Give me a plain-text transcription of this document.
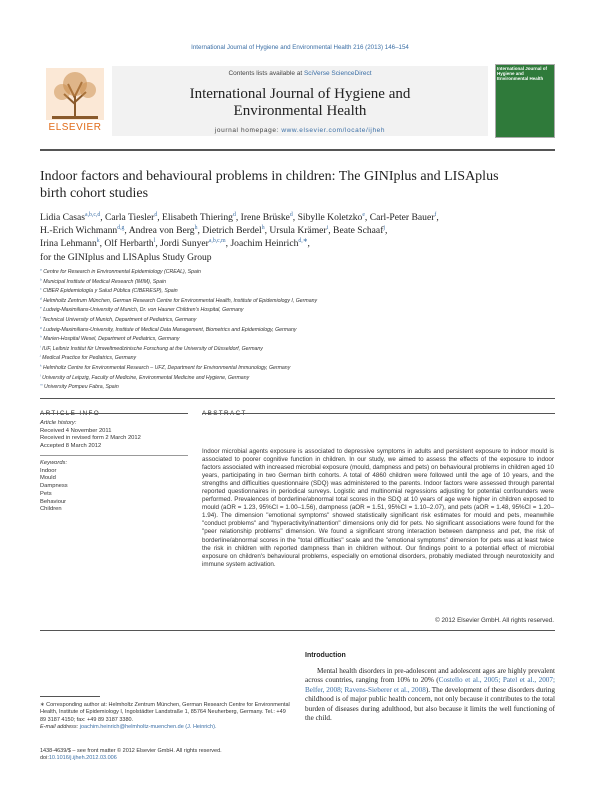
International Journal of Hygiene and Environmental Health 216 (2013) 146–154
Contents lists available at SciVerse ScienceDirect
International Journal of Hygiene and
Environmental Health
journal homepage: www.elsevier.com/locate/ijheh
ELSEVIER
International Journal of Hygiene and Environmental Health
Indoor factors and behavioural problems in children: The GINIplus and LISAplus
birth cohort studies
Lidia Casas$^{a,b,c,d}$, Carla Tiesler$^d$, Elisabeth Thiering$^d$, Irene Brüske$^d$, Sibylle Koletzko$^e$, Carl-Peter Bauer$^f$,
H.-Erich Wichmann$^{d,g}$, Andrea von Berg$^h$, Dietrich Berdel$^h$, Ursula Krämer$^i$, Beate Schaaf$^j$,
Irina Lehmann$^k$, Olf Herbarth$^l$, Jordi Sunyer$^{a,b,c,m}$, Joachim Heinrich$^{d,∗}$,
for the GINIplus and LISAplus Study Group
$^a$ Centre for Research in Environmental Epidemiology (CREAL), Spain
$^b$ Municipal Institute of Medical Research (IMIM), Spain
$^c$ CIBER Epidemiología y Salud Pública (CIBERESP), Spain
$^d$ Helmholtz Zentrum München, German Research Centre for Environmental Health, Institute of Epidemiology I, Germany
$^e$ Ludwig-Maximilians-University of Munich, Dr. von Hauner Children's Hospital, Germany
$^f$ Technical University of Munich, Department of Pediatrics, Germany
$^g$ Ludwig-Maximilians-University, Institute of Medical Data Management, Biometrics and Epidemiology, Germany
$^h$ Marien-Hospital Wesel, Department of Pediatrics, Germany
$^i$ IUF, Leibniz Institut für Umweltmedizinische Forschung at the University of Düsseldorf, Germany
$^j$ Medical Practice for Pediatrics, Germany
$^k$ Helmholtz Centre for Environmental Research – UFZ, Department for Environmental Immunology, Germany
$^l$ University of Leipzig, Faculty of Medicine, Environmental Medicine and Hygiene, Germany
$^m$ University Pompeu Fabra, Spain
Article history:
Received 4 November 2011
Received in revised form 2 March 2012
Accepted 8 March 2012
Keywords:
Indoor
Mould
Dampness
Pets
Behaviour
Children
Indoor microbial agents exposure is associated to depressive symptoms in adults and persistent exposure to indoor mould is associated to poorer cognitive function in children. In our study, we aimed to assess the effects of the exposure to indoor factors associated with increased microbial exposure (mould, dampness and pets) on behavioural problems in children aged 10 years, participating in two German birth cohorts. A total of 4860 children were followed until the age of 10 years, and the strengths and difficulties questionnaire (SDQ) was administered to the parents. Indoor factors were assessed through parental reported questionnaires in periodical surveys. Logistic and multinomial regressions adjusting for potential confounders were performed. Prevalences of borderline/abnormal total scores in the SDQ at 10 years of age were higher in children exposed to mould (aOR = 1.23, 95%CI = 1.00–1.56), dampness (aOR = 1.51, 95%CI = 1.10–2.07), and pets (aOR = 1.48, 95%CI = 1.20–1.94). The dimension "emotional symptoms" showed statistically significant risk estimates for mould and pets, meanwhile "conduct problems" and "hyperactivity/inattention" dimensions only did for pets. No significant associations were found for the "peer relationship problems" dimension. We found a significant strong interaction between dampness and pet, the risk of borderline/abnormal scores in the "total difficulties" scale and the "emotional symptoms" dimension for pets was at least twice the risk in children with reported dampness than in children without. Our findings point to a potential effect of microbial exposure on children's behavioural problems, especially on emotional disorders, probably mediated through neurotoxicity and immune system activation.
© 2012 Elsevier GmbH. All rights reserved.
Introduction
Mental health disorders in pre-adolescent and adolescent ages are highly prevalent across countries, ranging from 10% to 20% (Costello et al., 2005; Patel et al., 2007; Belfer, 2008; Ravens-Sieberer et al., 2008). The development of these disorders during childhood is of major public health concern, not only because it contributes to the total burden of diseases during adulthood, but also because it limits the well functioning of the child.
∗ Corresponding author at: Helmholtz Zentrum München, German Research Centre for Environmental Health, Institute of Epidemiology I, Ingolstädter Landstraße 1, 85764 Neuherberg, Germany. Tel.: +49 89 3187 4150; fax: +49 89 3187 3380.
E-mail address: joachim.heinrich@helmholtz-muenchen.de (J. Heinrich).
1438-4639/$ – see front matter © 2012 Elsevier GmbH. All rights reserved.
doi:10.1016/j.ijheh.2012.03.006
